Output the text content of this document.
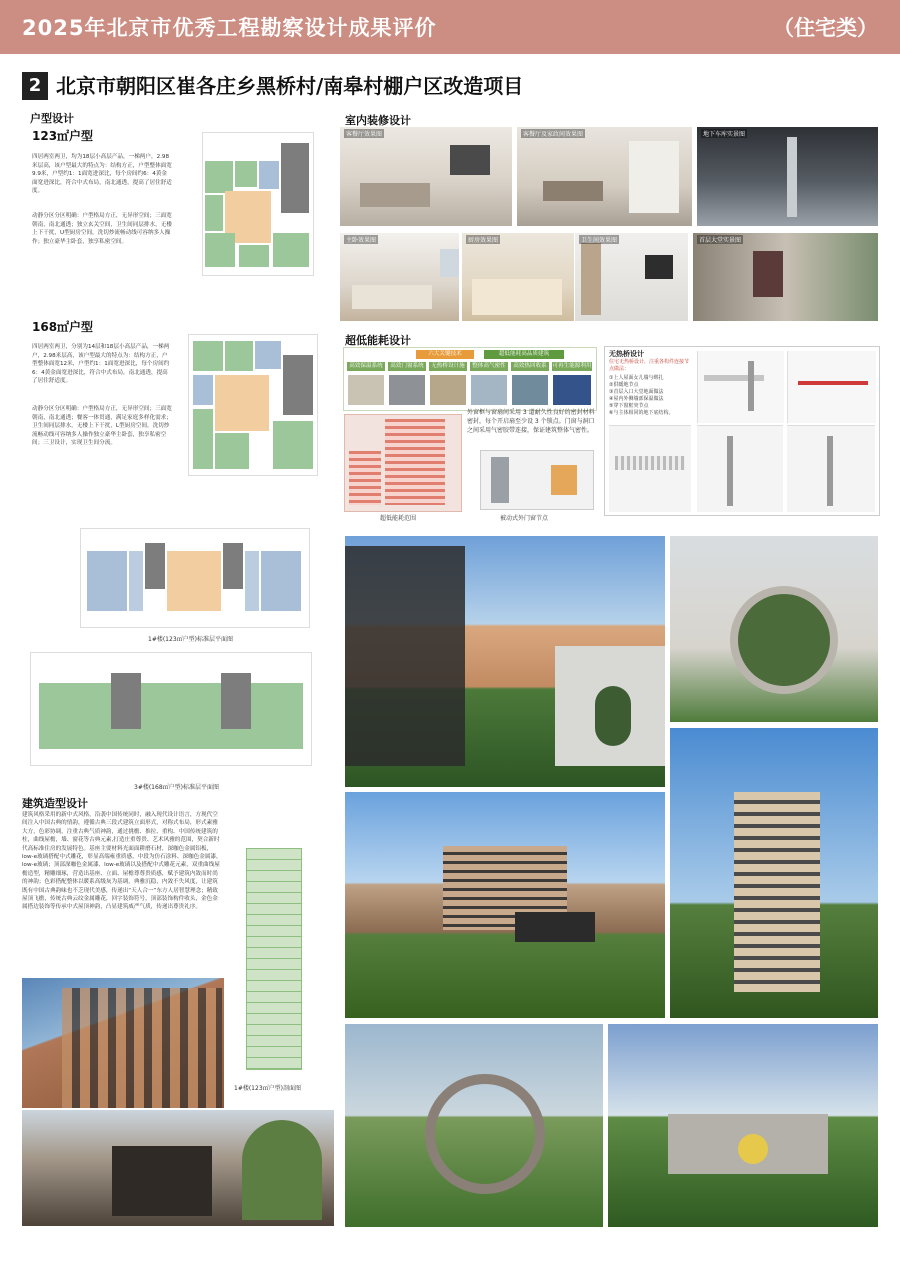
2025年北京市优秀工程勘察设计成果评价	（住宅类）
2 北京市朝阳区崔各庄乡黑桥村/南皋村棚户区改造项目
户型设计
123㎡户型
四居两室两卫，均为18层小高层产品，一梯两户，2.98米层高，该户型最大的特点为：结构方正，户型整体面宽9.9米，户型约1：1面宽进深比，每个房间约6：4黄金面宽进深比，符合中式布局，南北通透，提高了居住舒适度。
动静分区分区明确：户型格局方正，无异形空间；三面宽朝南，南北通透；独立玄关空间，卫生间同层排水，无楼上下干扰，U型厨房空间，洗切炒流畅动线可容纳多人操作；独立豪华主卧套，独享私密空间。
168㎡户型
四居两室两卫，分别为14层和18层小高层产品，一梯两户，2.98米层高，该户型最大的特点为：结构方正，户型整体面宽12米，户型约1：1面宽进深比，每个房间约6：4黄金面宽进深比，符合中式布局，南北通透，提高了居住舒适度。
动静分区分区明确：户型格局方正，无异形空间；三面宽朝南，南北通透；餐客一体贯通，满足家庭多样化需求；卫生间同层排水，无楼上下干扰，L型厨房空间，洗切炒流畅动线可容纳多人操作独立豪华主卧套，独享私密空间；三卫设计，实现卫生间分流。
1#楼(123㎡户型)标准层平面图
3#楼(168㎡户型)标准层平面图
室内装修设计
客餐厅效果图	客餐厅及家政间效果图	地下车库实景图
主卧效果图	厨房效果图	卫生间效果图	首层大堂实景图
超低能耗设计
六大关键技术	超低能耗高品质建筑
高效保温系统	高效门窗系统	无热桥设计施	整体高气密性	高效热回收系	可再生能源利用
超低能耗范围
外窗框与窗扇间采用 3 道耐久性良好的密封材料密封，每个开启扇至少设 3 个锁点。门窗与洞口之间采用气密胶带连接，保证建筑整体气密性。
被动式外门窗节点
无热桥设计
住宅无热桥设计，注重各构件连接节点做法：
①上人屋面女儿墙与绑扎
②供暖地节点
③首层入口大堂地面做法
④屋内外侧墙部保温做法
⑤穿下窗框突节点
⑥与主体相同的地下底结构。
建筑造型设计
建筑风格采用的新中式风格，沿袭中国传统同时，融入现代设计语言，方现代空间注入中国古典的情韵，遵循古典三段式建筑立面形式，对称式布局，形式素雅大方，色彩协调，注重古典气质神韵，通过挑檐、推拉、重构、中国传统建筑的柱，曲线屋檐，墙、窗花等古典元素,打造庄重尊贵、艺术风雅的范围，契合新时代高标准住房的发展特色。基座主要材料光面面耕磨石材，深咖色金属铝板，low-e玻璃搭配中式雕花，彰显高端雍重质感，中段为仿石涂料、深咖色金属漆，low-e玻璃；顶部深咖色金属漆、low-e玻璃以及搭配中式雕花元素，双重曲线屋檐造型，精雕细琢，营造出基座、立面、屋檐尊尊贵质感，赋予建筑内敛而时尚的神韵；色彩搭配整体以暖系高级灰为基调，典雅沉稳，内敛不失风度，让建筑既有中国古典韵味也不乏现代美感，传递出“天人合一”东方人居智慧理念；精致屋顶飞檐，传统古典云纹金属雕花，回字装饰符号，顶部装饰构件收头，金色金属搭边装饰等传承中式屋顶神韵，凸显建筑威严气质，传递出尊贵礼序。
1#楼(123㎡户型)剖面图
